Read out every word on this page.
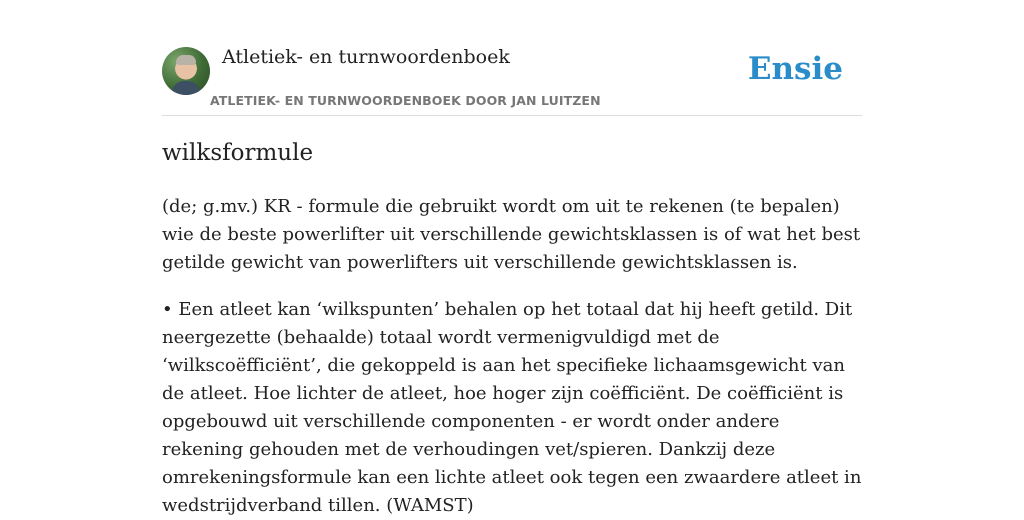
Atletiek- en turnwoordenboek
ATLETIEK- EN TURNWOORDENBOEK DOOR JAN LUITZEN
Ensie
wilksformule

(de; g.mv.) KR - formule die gebruikt wordt om uit te rekenen (te bepalen) wie de beste powerlifter uit verschillende gewichtsklassen is of wat het best getilde gewicht van powerlifters uit verschillende gewichtsklassen is.

• Een atleet kan ‘wilkspunten’ behalen op het totaal dat hij heeft getild. Dit neergezette (behaalde) totaal wordt vermenigvuldigd met de ‘wilkscoëfficiënt’, die gekoppeld is aan het specifieke lichaamsgewicht van de atleet. Hoe lichter de atleet, hoe hoger zijn coëfficiënt. De coëfficiënt is opgebouwd uit verschillende componenten - er wordt onder andere rekening gehouden met de verhoudingen vet/spieren. Dankzij deze omrekeningsformule kan een lichte atleet ook tegen een zwaardere atleet in wedstrijdverband tillen. (WAMST)
